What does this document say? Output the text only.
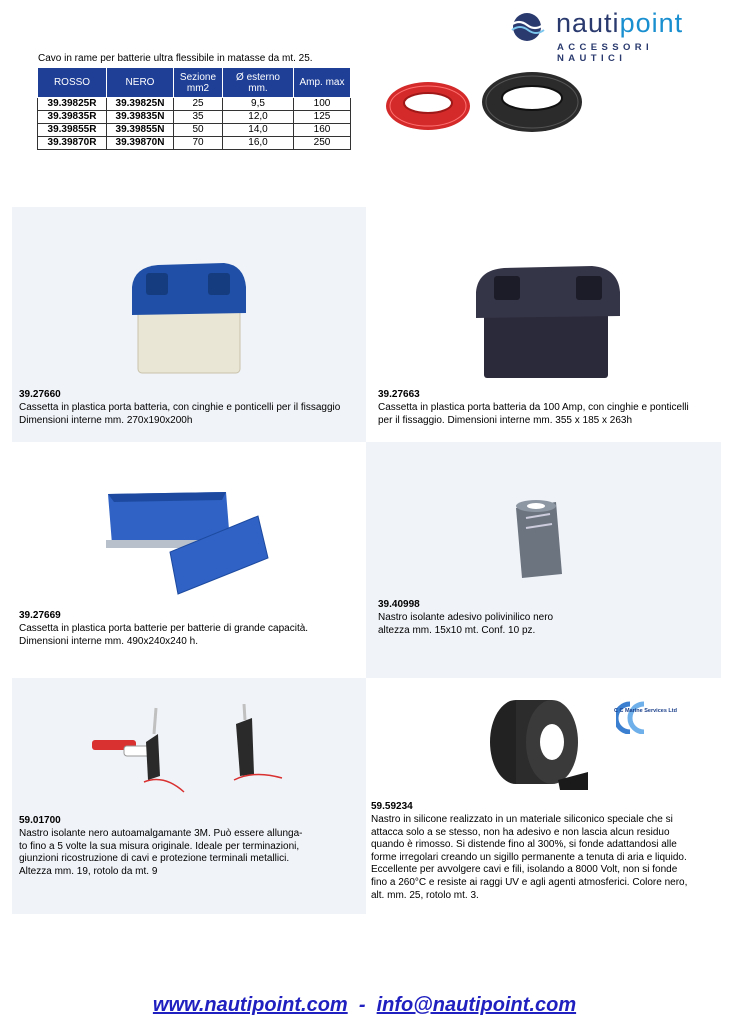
nautipoint
ACCESSORI NAUTICI
Cavo in rame per batterie ultra flessibile in matasse da mt. 25.
ROSSO	NERO	Sezione mm2	Ø esterno mm.	Amp. max
39.39825R	39.39825N	25	9,5	100
39.39835R	39.39835N	35	12,0	125
39.39855R	39.39855N	50	14,0	160
39.39870R	39.39870N	70	16,0	250
39.27660
Cassetta in plastica porta batteria, con cinghie e ponticelli per il fissaggio
Dimensioni interne mm. 270x190x200h
39.27663
Cassetta in plastica porta batteria da 100 Amp, con cinghie e ponticelli
per il fissaggio. Dimensioni interne mm. 355 x 185 x 263h
39.27669
Cassetta in plastica porta batterie per batterie di grande capacità.
Dimensioni interne mm. 490x240x240 h.
39.40998
Nastro isolante adesivo polivinilico nero
altezza mm. 15x10 mt. Conf. 10 pz.
59.01700
Nastro isolante nero autoamalgamante 3M. Può essere allunga-
to fino a 5 volte la sua misura originale. Ideale per terminazioni,
giunzioni ricostruzione di cavi e protezione terminali metallici.
Altezza mm. 19, rotolo da mt. 9
C C Marine Services Ltd
59.59234
Nastro in silicone realizzato in un materiale siliconico speciale che si
attacca solo a se stesso, non ha adesivo e non lascia alcun residuo
quando è rimosso. Si distende fino al 300%, si fonde adattandosi alle
forme irregolari creando un sigillo permanente a tenuta di aria e liquido.
Eccellente per avvolgere cavi e fili, isolando a 8000 Volt, non si fonde
fino a 260°C e resiste ai raggi UV e agli agenti atmosferici. Colore nero,
alt. mm. 25, rotolo mt. 3.
www.nautipoint.com - info@nautipoint.com
